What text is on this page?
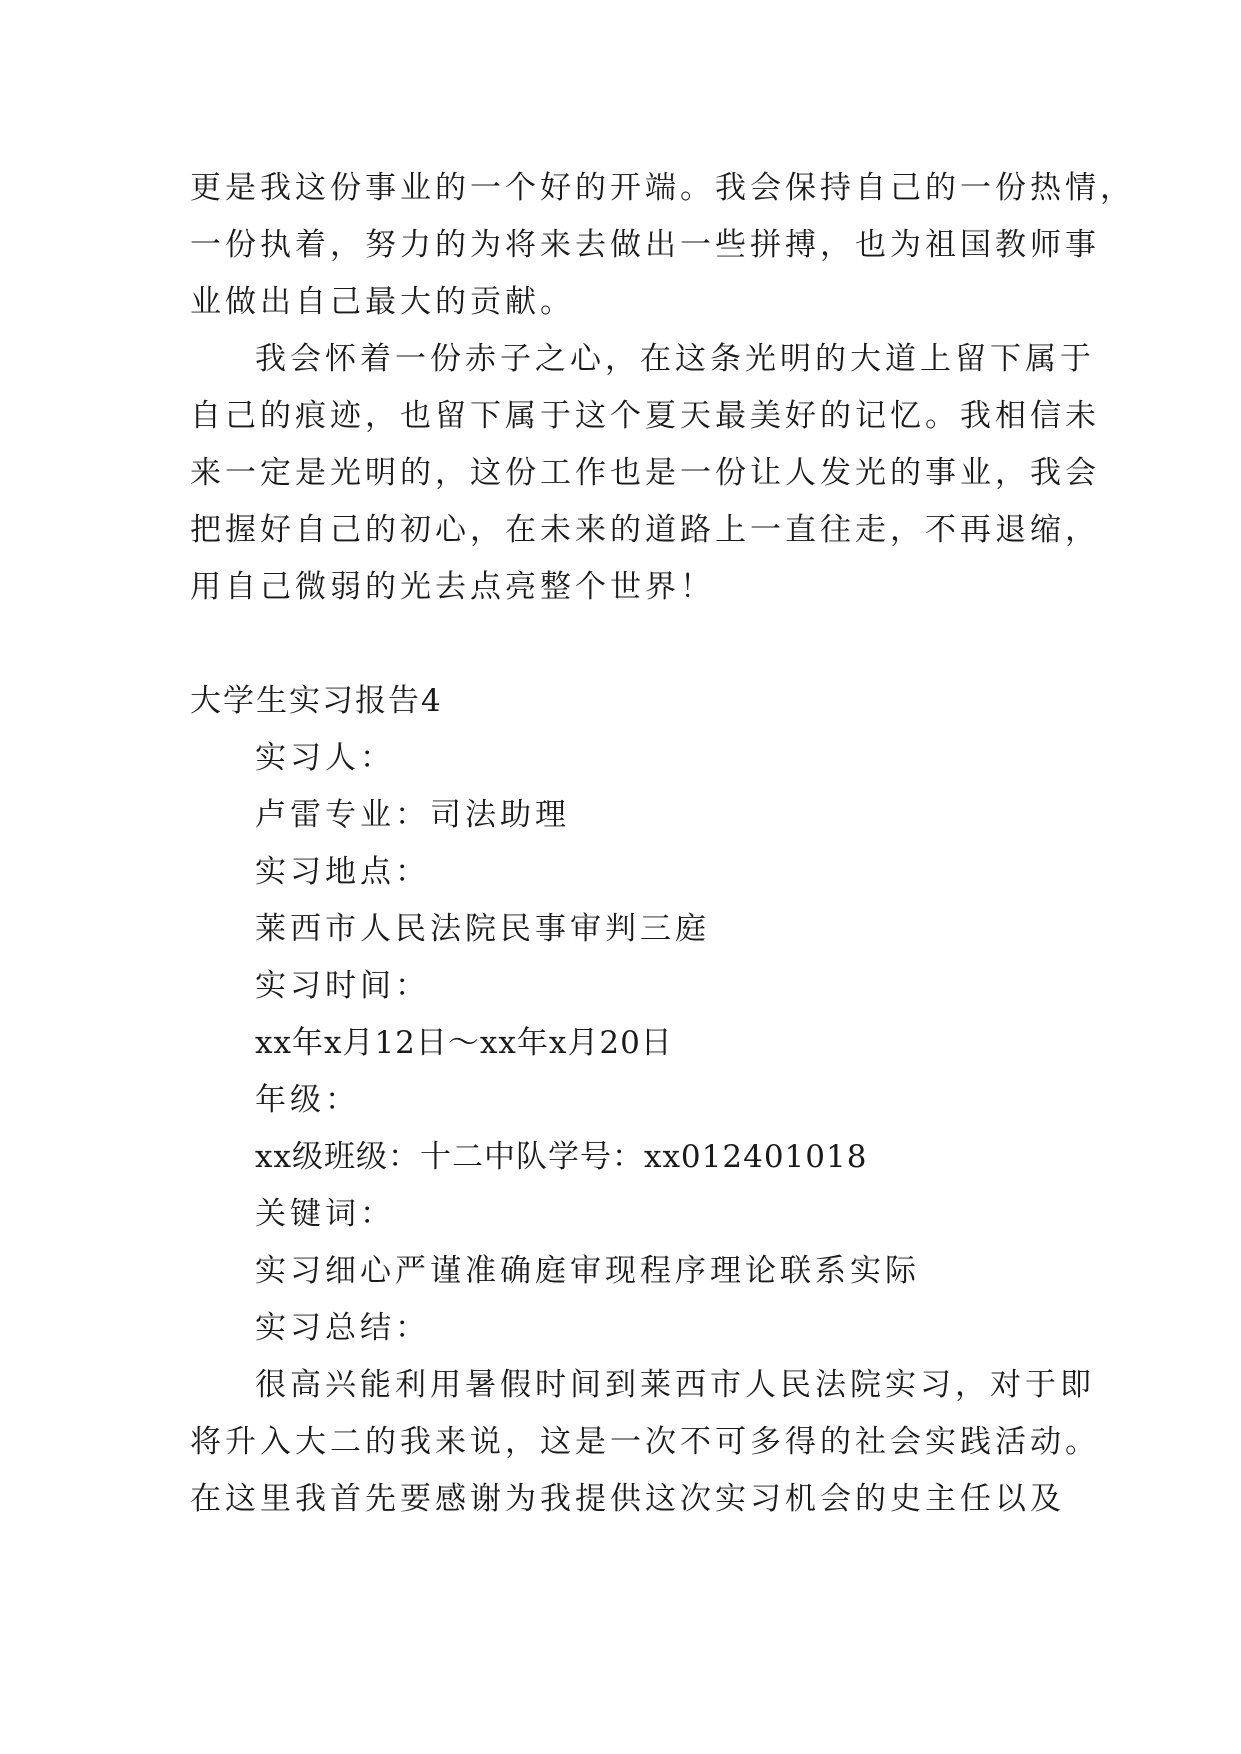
更是我这份事业的一个好的开端。我会保持自己的一份热情，
一份执着，努力的为将来去做出一些拼搏，也为祖国教师事
业做出自己最大的贡献。
我会怀着一份赤子之心，在这条光明的大道上留下属于
自己的痕迹，也留下属于这个夏天最美好的记忆。我相信未
来一定是光明的，这份工作也是一份让人发光的事业，我会
把握好自己的初心，在未来的道路上一直往走，不再退缩，
用自己微弱的光去点亮整个世界！
大学生实习报告4
实习人：
卢雷专业：司法助理
实习地点：
莱西市人民法院民事审判三庭
实习时间：
xx年x月12日～xx年x月20日
年级：
xx级班级：十二中队学号：xx012401018
关键词：
实习细心严谨准确庭审现程序理论联系实际
实习总结：
很高兴能利用暑假时间到莱西市人民法院实习，对于即
将升入大二的我来说，这是一次不可多得的社会实践活动。
在这里我首先要感谢为我提供这次实习机会的史主任以及
